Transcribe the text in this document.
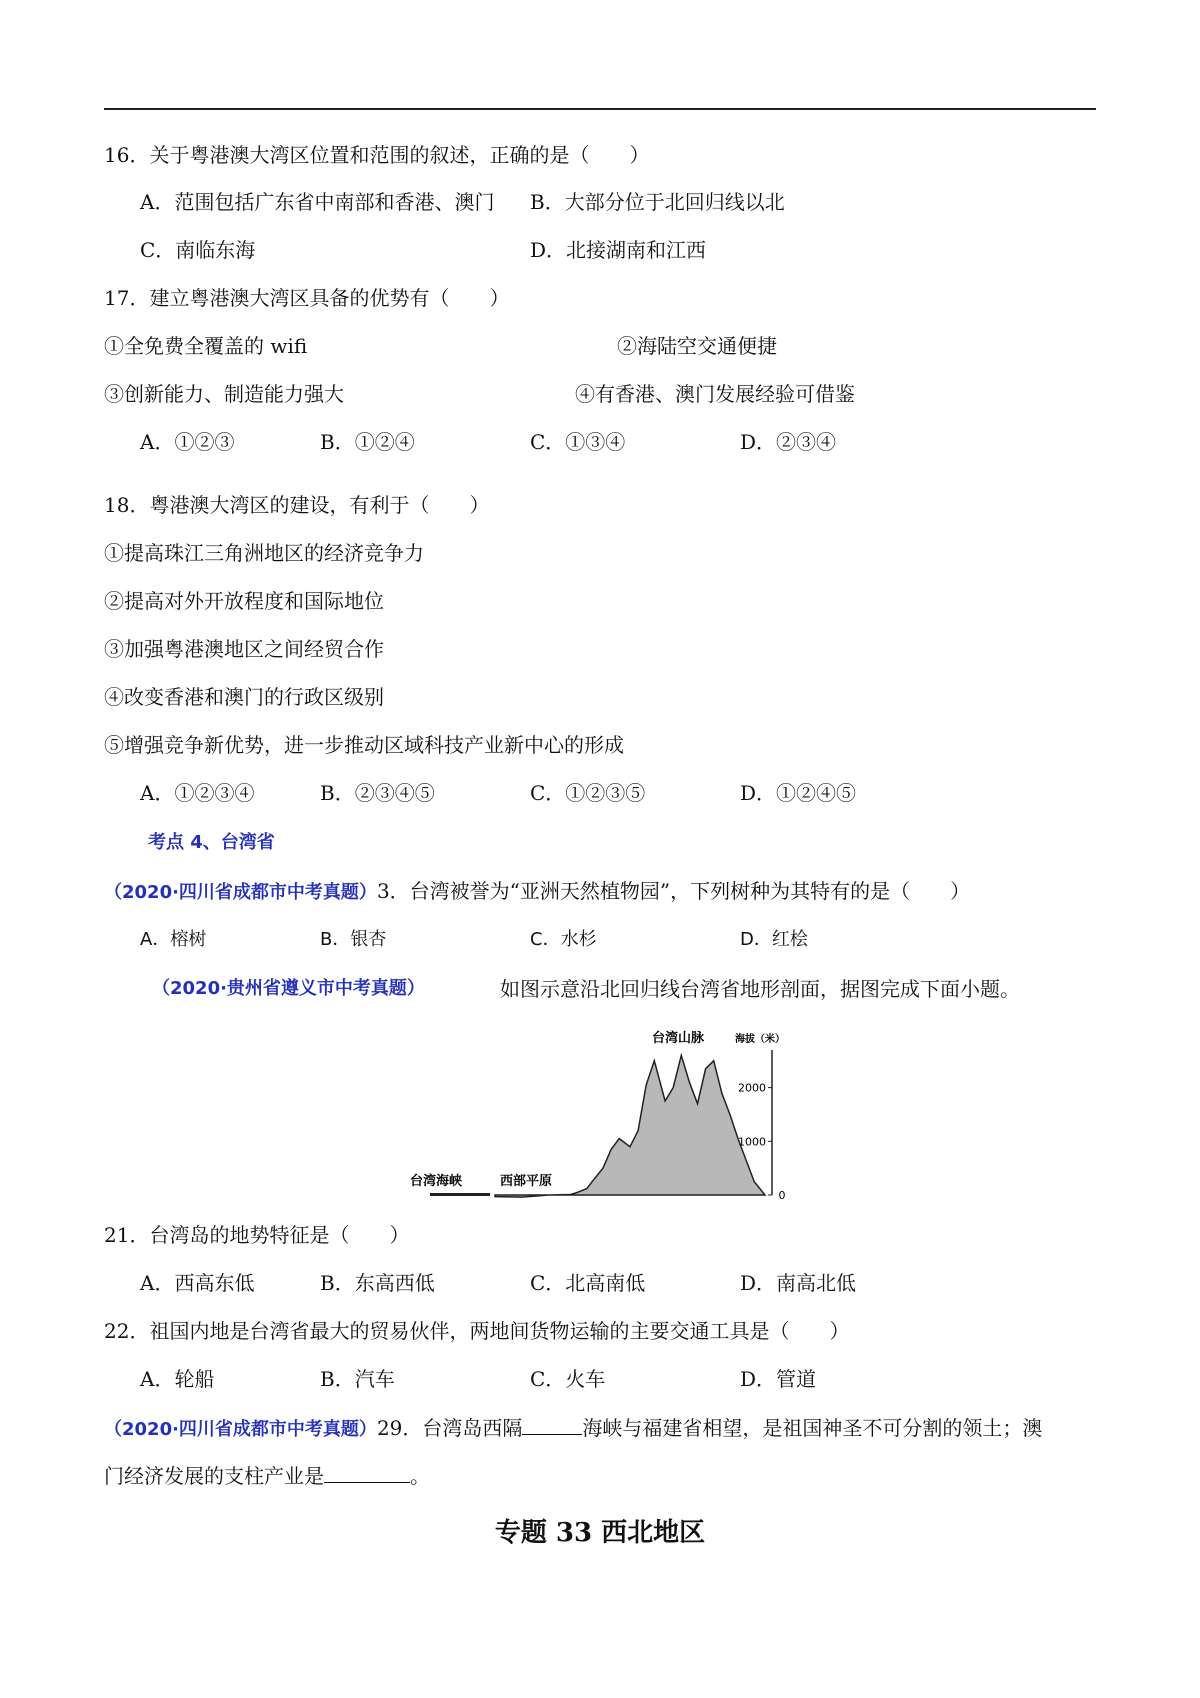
16．关于粤港澳大湾区位置和范围的叙述，正确的是（　　）
A．范围包括广东省中南部和香港、澳门 B．大部分位于北回归线以北
C．南临东海	D．北接湖南和江西
17．建立粤港澳大湾区具备的优势有（　　）
①全免费全覆盖的 wifi	②海陆空交通便捷
③创新能力、制造能力强大	④有香港、澳门发展经验可借鉴
A．①②③	B．①②④	C．①③④	D．②③④
18．粤港澳大湾区的建设，有利于（　　）
①提高珠江三角洲地区的经济竞争力
②提高对外开放程度和国际地位
③加强粤港澳地区之间经贸合作
④改变香港和澳门的行政区级别
⑤增强竞争新优势，进一步推动区域科技产业新中心的形成
A．①②③④	B．②③④⑤	C．①②③⑤	D．①②④⑤
考点 4、台湾省
（2020·四川省成都市中考真题）3．台湾被誉为“亚洲天然植物园”，下列树种为其特有的是（　　）
A．榕树	B．银杏	C．水杉	D．红桧
（2020·贵州省遵义市中考真题）	如图示意沿北回归线台湾省地形剖面，据图完成下面小题。
2000
1000
0
海拔（米）
台湾山脉
台湾海峡	西部平原
21．台湾岛的地势特征是（　　）
A．西高东低	B．东高西低	C．北高南低	D．南高北低
22．祖国内地是台湾省最大的贸易伙伴，两地间货物运输的主要交通工具是（　　）
A．轮船	B．汽车	C．火车	D．管道
（2020·四川省成都市中考真题）29．台湾岛西隔	海峡与福建省相望，是祖国神圣不可分割的领土；澳
门经济发展的支柱产业是	。
专题 33 西北地区
